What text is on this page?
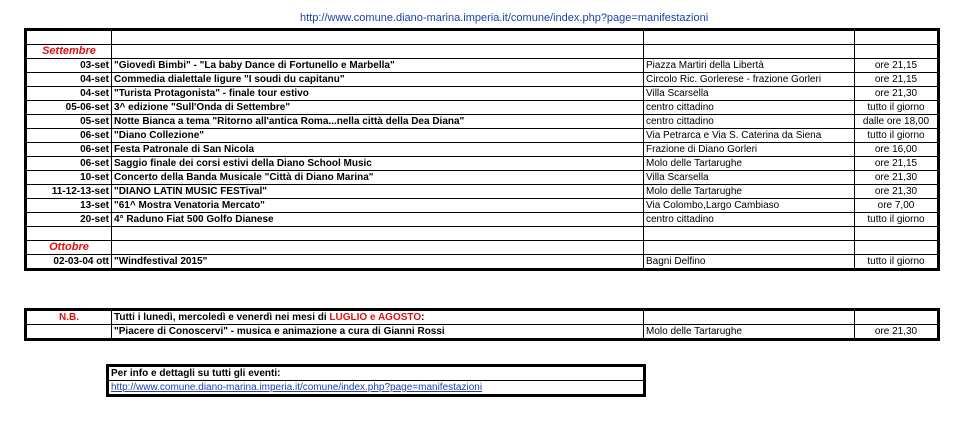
http://www.comune.diano-marina.imperia.it/comune/index.php?page=manifestazioni

Settembre			
03-set	"Giovedì Bimbi" - "La baby Dance di Fortunello e Marbella"	Piazza Martiri della Libertà	ore 21,15
04-set	Commedia dialettale ligure "I soudi du capitanu"	Circolo Ric. Gorlerese - frazione Gorleri	ore 21,15
04-set	"Turista Protagonista" - finale tour estivo	Villa Scarsella	ore 21,30
05-06-set	3^ edizione "Sull'Onda di Settembre"	centro cittadino	tutto il giorno
05-set	Notte Bianca a tema "Ritorno all'antica Roma...nella città della Dea Diana"	centro cittadino	dalle ore 18,00
06-set	"Diano Collezione"	Via Petrarca e Via S. Caterina da Siena	tutto il giorno
06-set	Festa Patronale di San Nicola	Frazione di Diano Gorleri	ore 16,00
06-set	Saggio finale dei corsi estivi della Diano School Music	Molo delle Tartarughe	ore 21,15
10-set	Concerto della Banda Musicale "Città di Diano Marina"	Villa Scarsella	ore 21,30
11-12-13-set	"DIANO LATIN MUSIC FESTival"	Molo delle Tartarughe	ore 21,30
13-set	"61^ Mostra Venatoria Mercato"	Via Colombo,Largo Cambiaso	ore 7,00
20-set	4° Raduno Fiat 500 Golfo Dianese	centro cittadino	tutto il giorno

Ottobre			
02-03-04 ott	"Windfestival 2015"	Bagni Delfino	tutto il giorno
N.B.	Tutti i lunedì, mercoledì e venerdì nei mesi di LUGLIO e AGOSTO:		
	"Piacere di Conoscervi" - musica e animazione a cura di Gianni Rossi	Molo delle Tartarughe	ore 21,30
Per info e dettagli su tutti gli eventi:
http://www.comune.diano-marina.imperia.it/comune/index.php?page=manifestazioni
